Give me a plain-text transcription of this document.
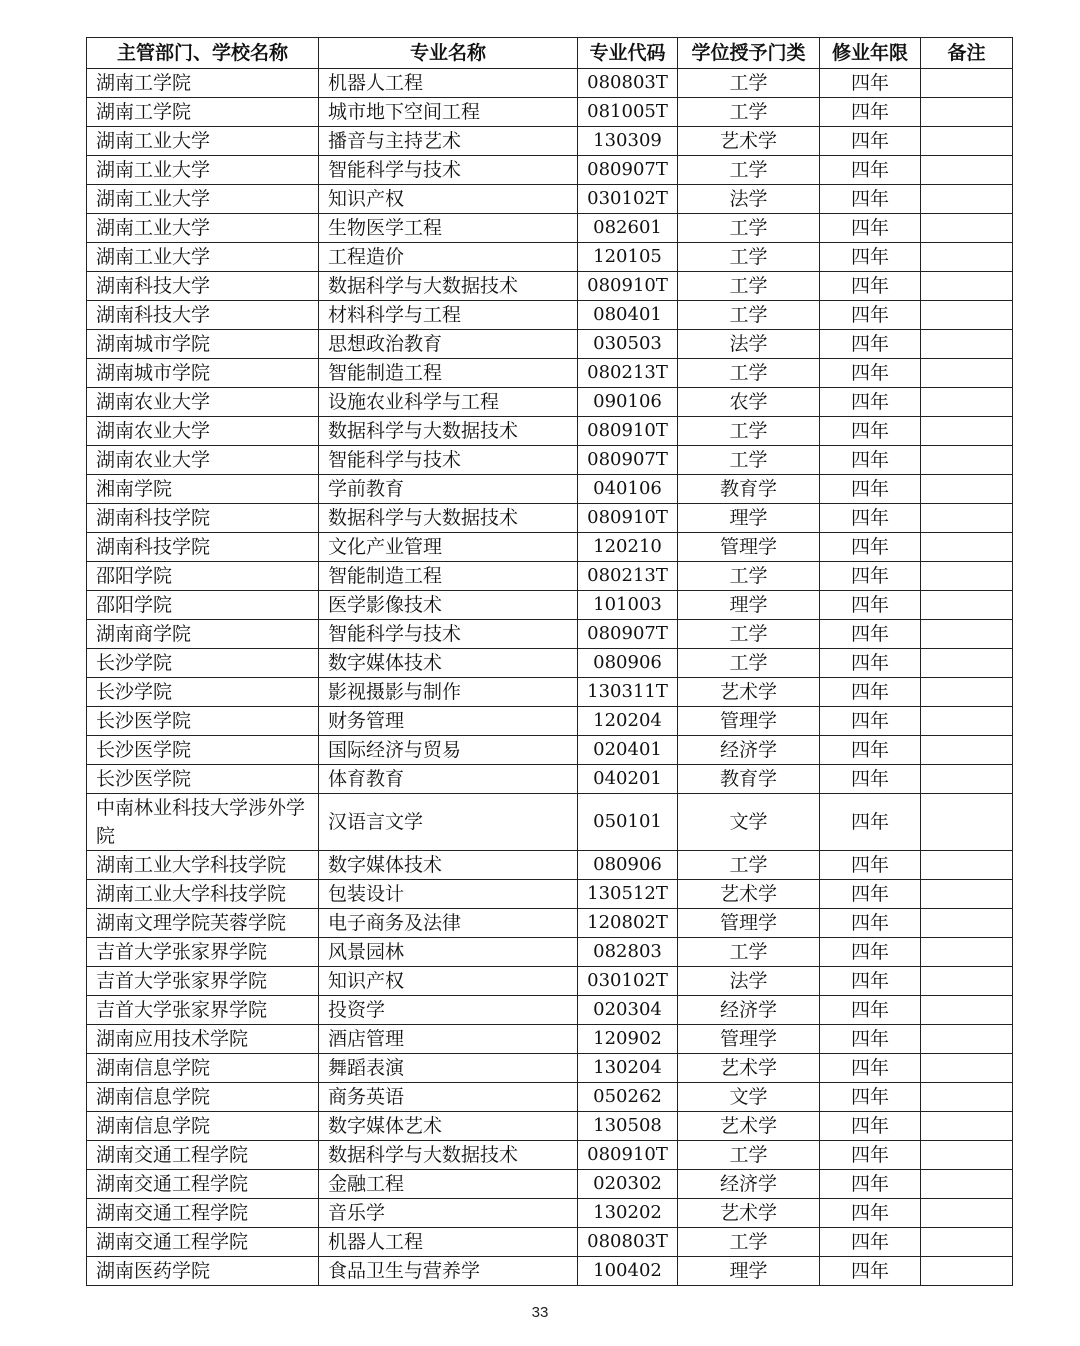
主管部门、学校名称	专业名称	专业代码	学位授予门类	修业年限	备注
湖南工学院	机器人工程	080803T	工学	四年	
湖南工学院	城市地下空间工程	081005T	工学	四年	
湖南工业大学	播音与主持艺术	130309	艺术学	四年	
湖南工业大学	智能科学与技术	080907T	工学	四年	
湖南工业大学	知识产权	030102T	法学	四年	
湖南工业大学	生物医学工程	082601	工学	四年	
湖南工业大学	工程造价	120105	工学	四年	
湖南科技大学	数据科学与大数据技术	080910T	工学	四年	
湖南科技大学	材料科学与工程	080401	工学	四年	
湖南城市学院	思想政治教育	030503	法学	四年	
湖南城市学院	智能制造工程	080213T	工学	四年	
湖南农业大学	设施农业科学与工程	090106	农学	四年	
湖南农业大学	数据科学与大数据技术	080910T	工学	四年	
湖南农业大学	智能科学与技术	080907T	工学	四年	
湘南学院	学前教育	040106	教育学	四年	
湖南科技学院	数据科学与大数据技术	080910T	理学	四年	
湖南科技学院	文化产业管理	120210	管理学	四年	
邵阳学院	智能制造工程	080213T	工学	四年	
邵阳学院	医学影像技术	101003	理学	四年	
湖南商学院	智能科学与技术	080907T	工学	四年	
长沙学院	数字媒体技术	080906	工学	四年	
长沙学院	影视摄影与制作	130311T	艺术学	四年	
长沙医学院	财务管理	120204	管理学	四年	
长沙医学院	国际经济与贸易	020401	经济学	四年	
长沙医学院	体育教育	040201	教育学	四年	
中南林业科技大学涉外学院	汉语言文学	050101	文学	四年	
湖南工业大学科技学院	数字媒体技术	080906	工学	四年	
湖南工业大学科技学院	包装设计	130512T	艺术学	四年	
湖南文理学院芙蓉学院	电子商务及法律	120802T	管理学	四年	
吉首大学张家界学院	风景园林	082803	工学	四年	
吉首大学张家界学院	知识产权	030102T	法学	四年	
吉首大学张家界学院	投资学	020304	经济学	四年	
湖南应用技术学院	酒店管理	120902	管理学	四年	
湖南信息学院	舞蹈表演	130204	艺术学	四年	
湖南信息学院	商务英语	050262	文学	四年	
湖南信息学院	数字媒体艺术	130508	艺术学	四年	
湖南交通工程学院	数据科学与大数据技术	080910T	工学	四年	
湖南交通工程学院	金融工程	020302	经济学	四年	
湖南交通工程学院	音乐学	130202	艺术学	四年	
湖南交通工程学院	机器人工程	080803T	工学	四年	
湖南医药学院	食品卫生与营养学	100402	理学	四年	
33
